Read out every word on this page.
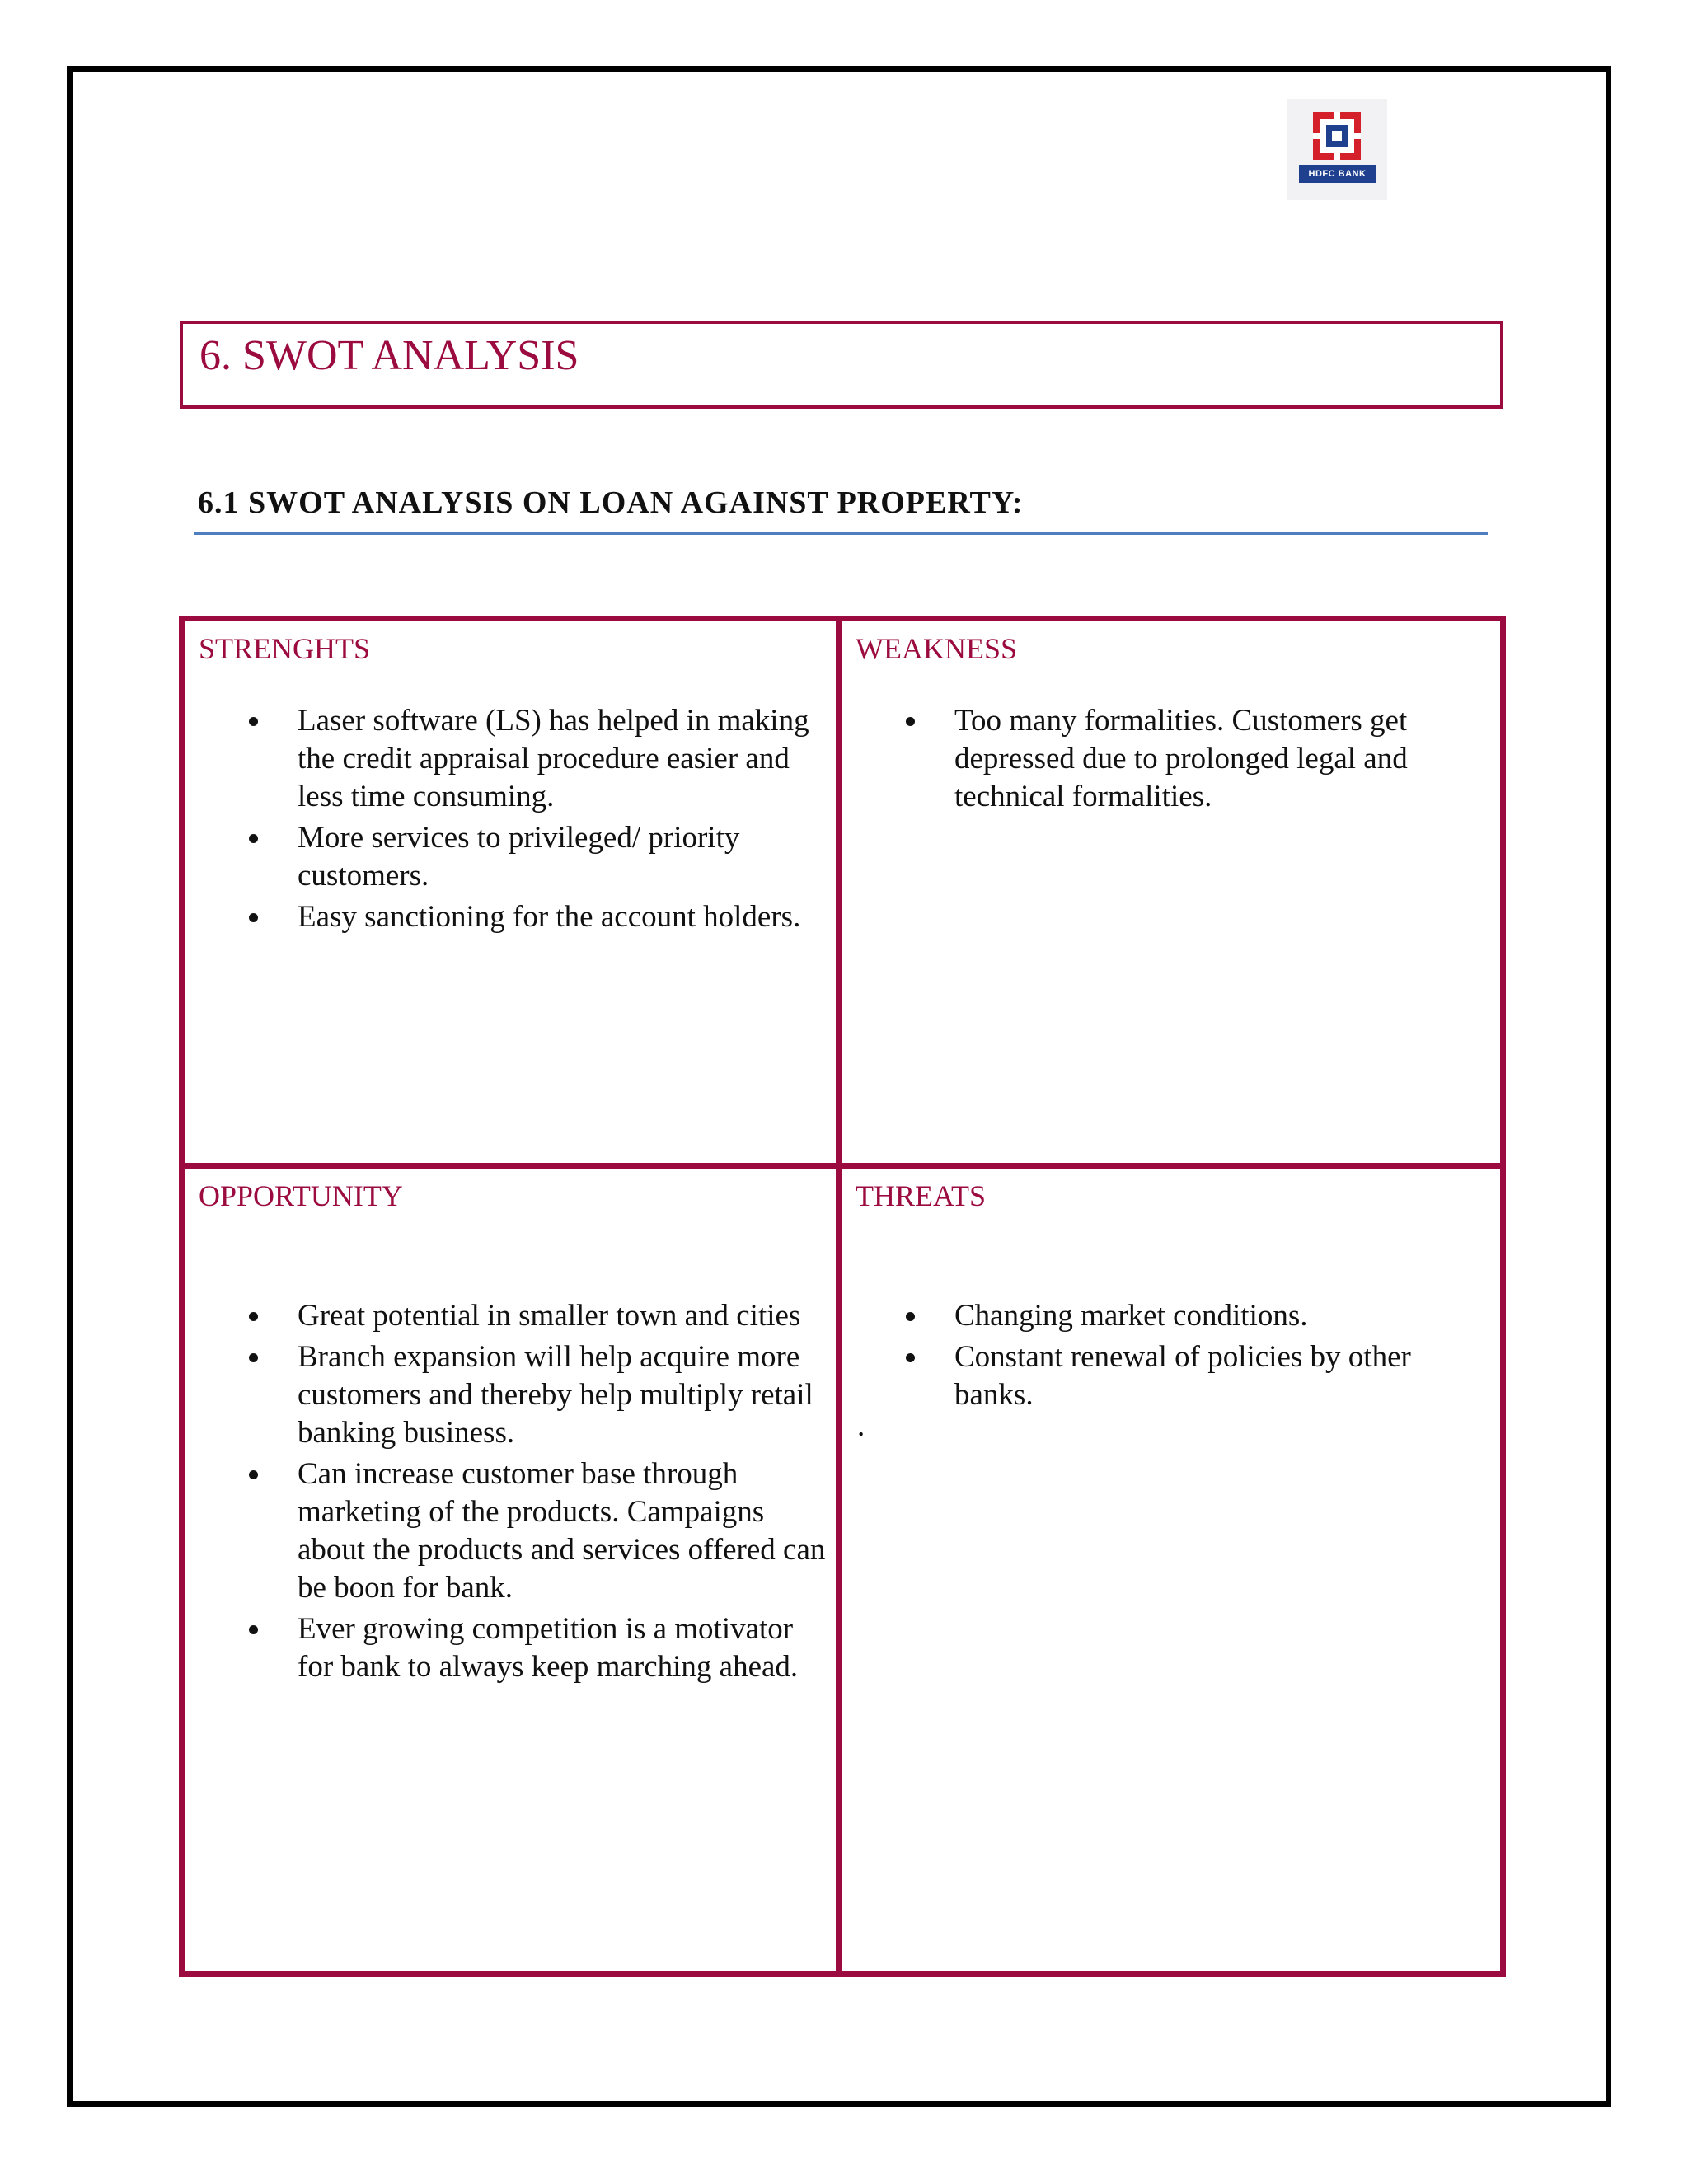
HDFC BANK
6. SWOT ANALYSIS
6.1 SWOT ANALYSIS ON LOAN AGAINST PROPERTY:
STRENGHTS
Laser software (LS) has helped in making the credit appraisal procedure easier and less time consuming.
More services to privileged/ priority customers.
Easy sanctioning for the account holders.
WEAKNESS
Too many formalities. Customers get depressed due to prolonged legal and technical formalities.
OPPORTUNITY
Great potential in smaller town and cities
Branch expansion will help acquire more customers and thereby help multiply retail banking business.
Can increase customer base through marketing of the products. Campaigns about the products and services offered can be boon for bank.
Ever growing competition is a motivator for bank to always keep marching ahead.
THREATS
Changing market conditions.
Constant renewal of policies by other banks.
.
